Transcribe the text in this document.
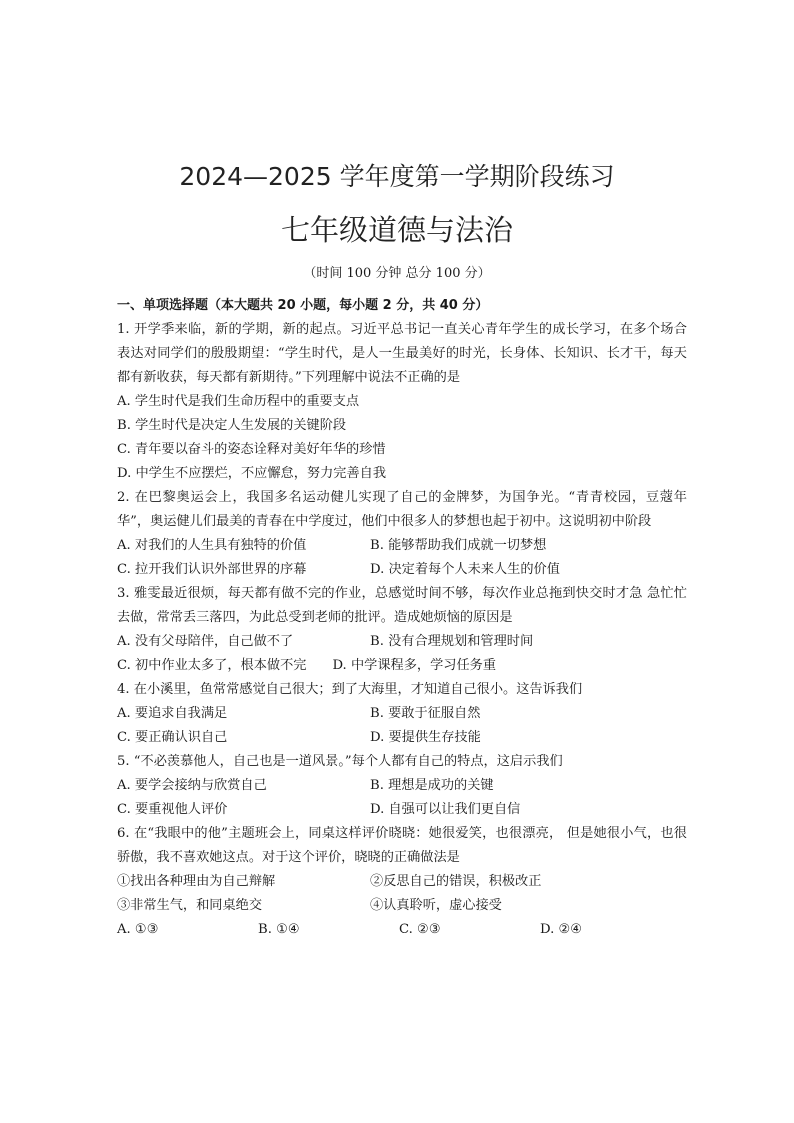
2024—2025 学年度第一学期阶段练习
七年级道德与法治
（时间 100 分钟 总分 100 分）
一、单项选择题（本大题共 20 小题，每小题 2 分，共 40 分）
1. 开学季来临，新的学期，新的起点。习近平总书记一直关心青年学生的成长学习，在多个场合表达对同学们的殷殷期望：“学生时代，是人一生最美好的时光，长身体、长知识、长才干，每天都有新收获，每天都有新期待。”下列理解中说法不正确的是
A. 学生时代是我们生命历程中的重要支点
B. 学生时代是决定人生发展的关键阶段
C. 青年要以奋斗的姿态诠释对美好年华的珍惜
D. 中学生不应摆烂，不应懈怠，努力完善自我
2. 在巴黎奥运会上，我国多名运动健儿实现了自己的金牌梦，为国争光。“青青校园，豆蔻年华”，奥运健儿们最美的青春在中学度过，他们中很多人的梦想也起于初中。这说明初中阶段
A. 对我们的人生具有独特的价值	B. 能够帮助我们成就一切梦想
C. 拉开我们认识外部世界的序幕	D. 决定着每个人未来人生的价值
3. 雅雯最近很烦，每天都有做不完的作业，总感觉时间不够，每次作业总拖到快交时才急 急忙忙去做，常常丢三落四，为此总受到老师的批评。造成她烦恼的原因是
A. 没有父母陪伴，自己做不了	B. 没有合理规划和管理时间
C. 初中作业太多了，根本做不完	D. 中学课程多，学习任务重
4. 在小溪里，鱼常常感觉自己很大；到了大海里，才知道自己很小。这告诉我们
A. 要追求自我满足	B. 要敢于征服自然
C. 要正确认识自己	D. 要提供生存技能
5. “不必羡慕他人，自己也是一道风景。”每个人都有自己的特点，这启示我们
A. 要学会接纳与欣赏自己	B. 理想是成功的关键
C. 要重视他人评价	D. 自强可以让我们更自信
6. 在“我眼中的他”主题班会上，同桌这样评价晓晓：她很爱笑，也很漂亮， 但是她很小气，也很骄傲，我不喜欢她这点。对于这个评价，晓晓的正确做法是
①找出各种理由为自己辩解	②反思自己的错误，积极改正
③非常生气，和同桌绝交	④认真聆听，虚心接受
A. ①③	B. ①④	C. ②③	D. ②④
